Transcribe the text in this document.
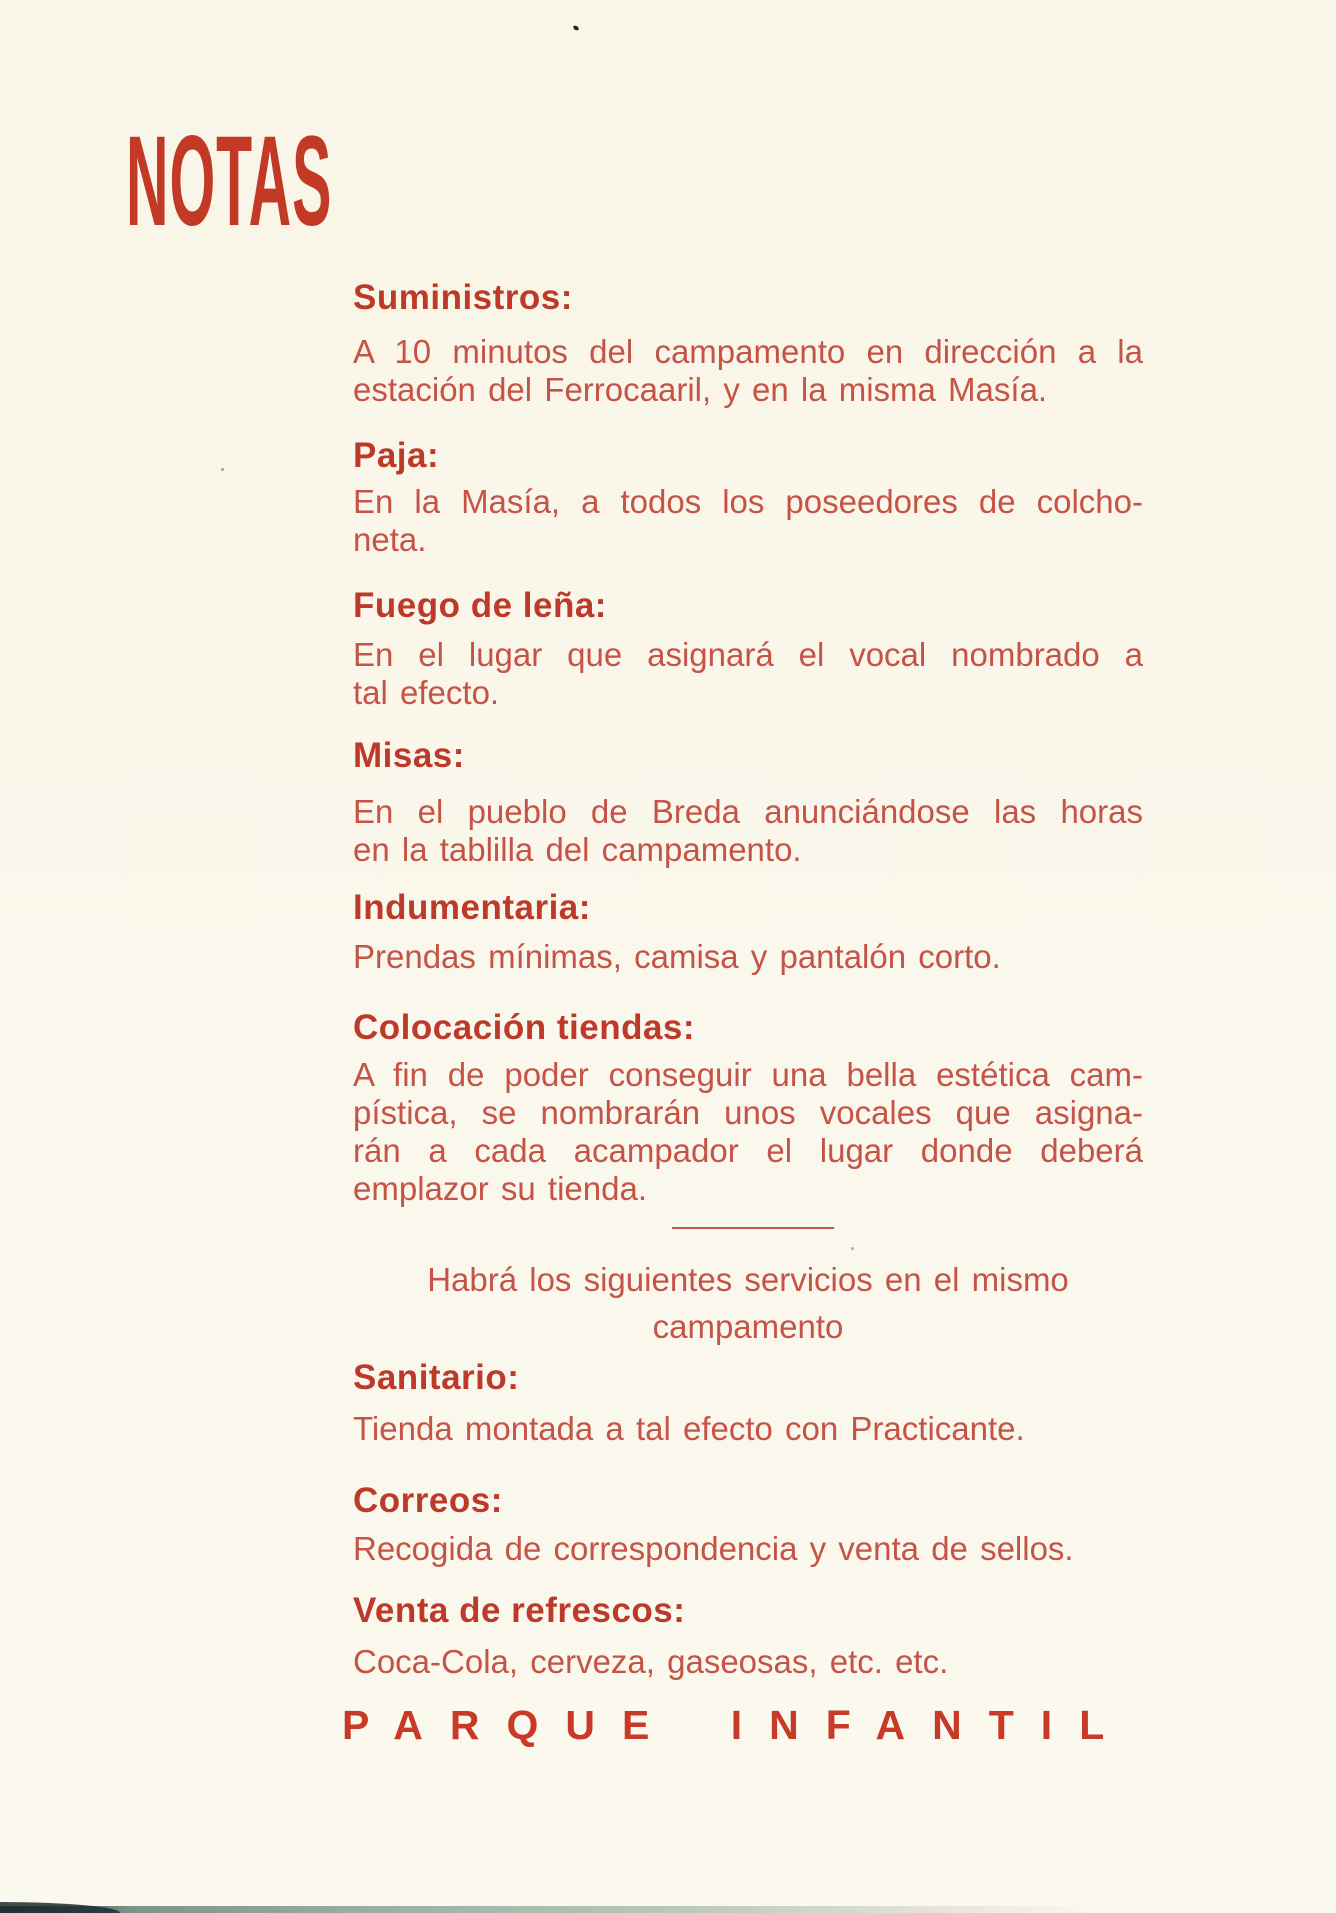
NOTAS
Suministros:
A 10 minutos del campamento en dirección a la
estación del Ferrocaaril, y en la misma Masía.
Paja:
En la Masía, a todos los poseedores de colcho-
neta.
Fuego de leña:
En el lugar que asignará el vocal nombrado a
tal efecto.
Misas:
En el pueblo de Breda anunciándose las horas
en la tablilla del campamento.
Indumentaria:
Prendas mínimas, camisa y pantalón corto.
Colocación tiendas:
A fin de poder conseguir una bella estética cam-
pística, se nombrarán unos vocales que asigna-
rán a cada acampador el lugar donde deberá
emplazor su tienda.
Habrá los siguientes servicios en el mismo
campamento
Sanitario:
Tienda montada a tal efecto con Practicante.
Correos:
Recogida de correspondencia y venta de sellos.
Venta de refrescos:
Coca-Cola, cerveza, gaseosas, etc. etc.
PARQUE INFANTIL
